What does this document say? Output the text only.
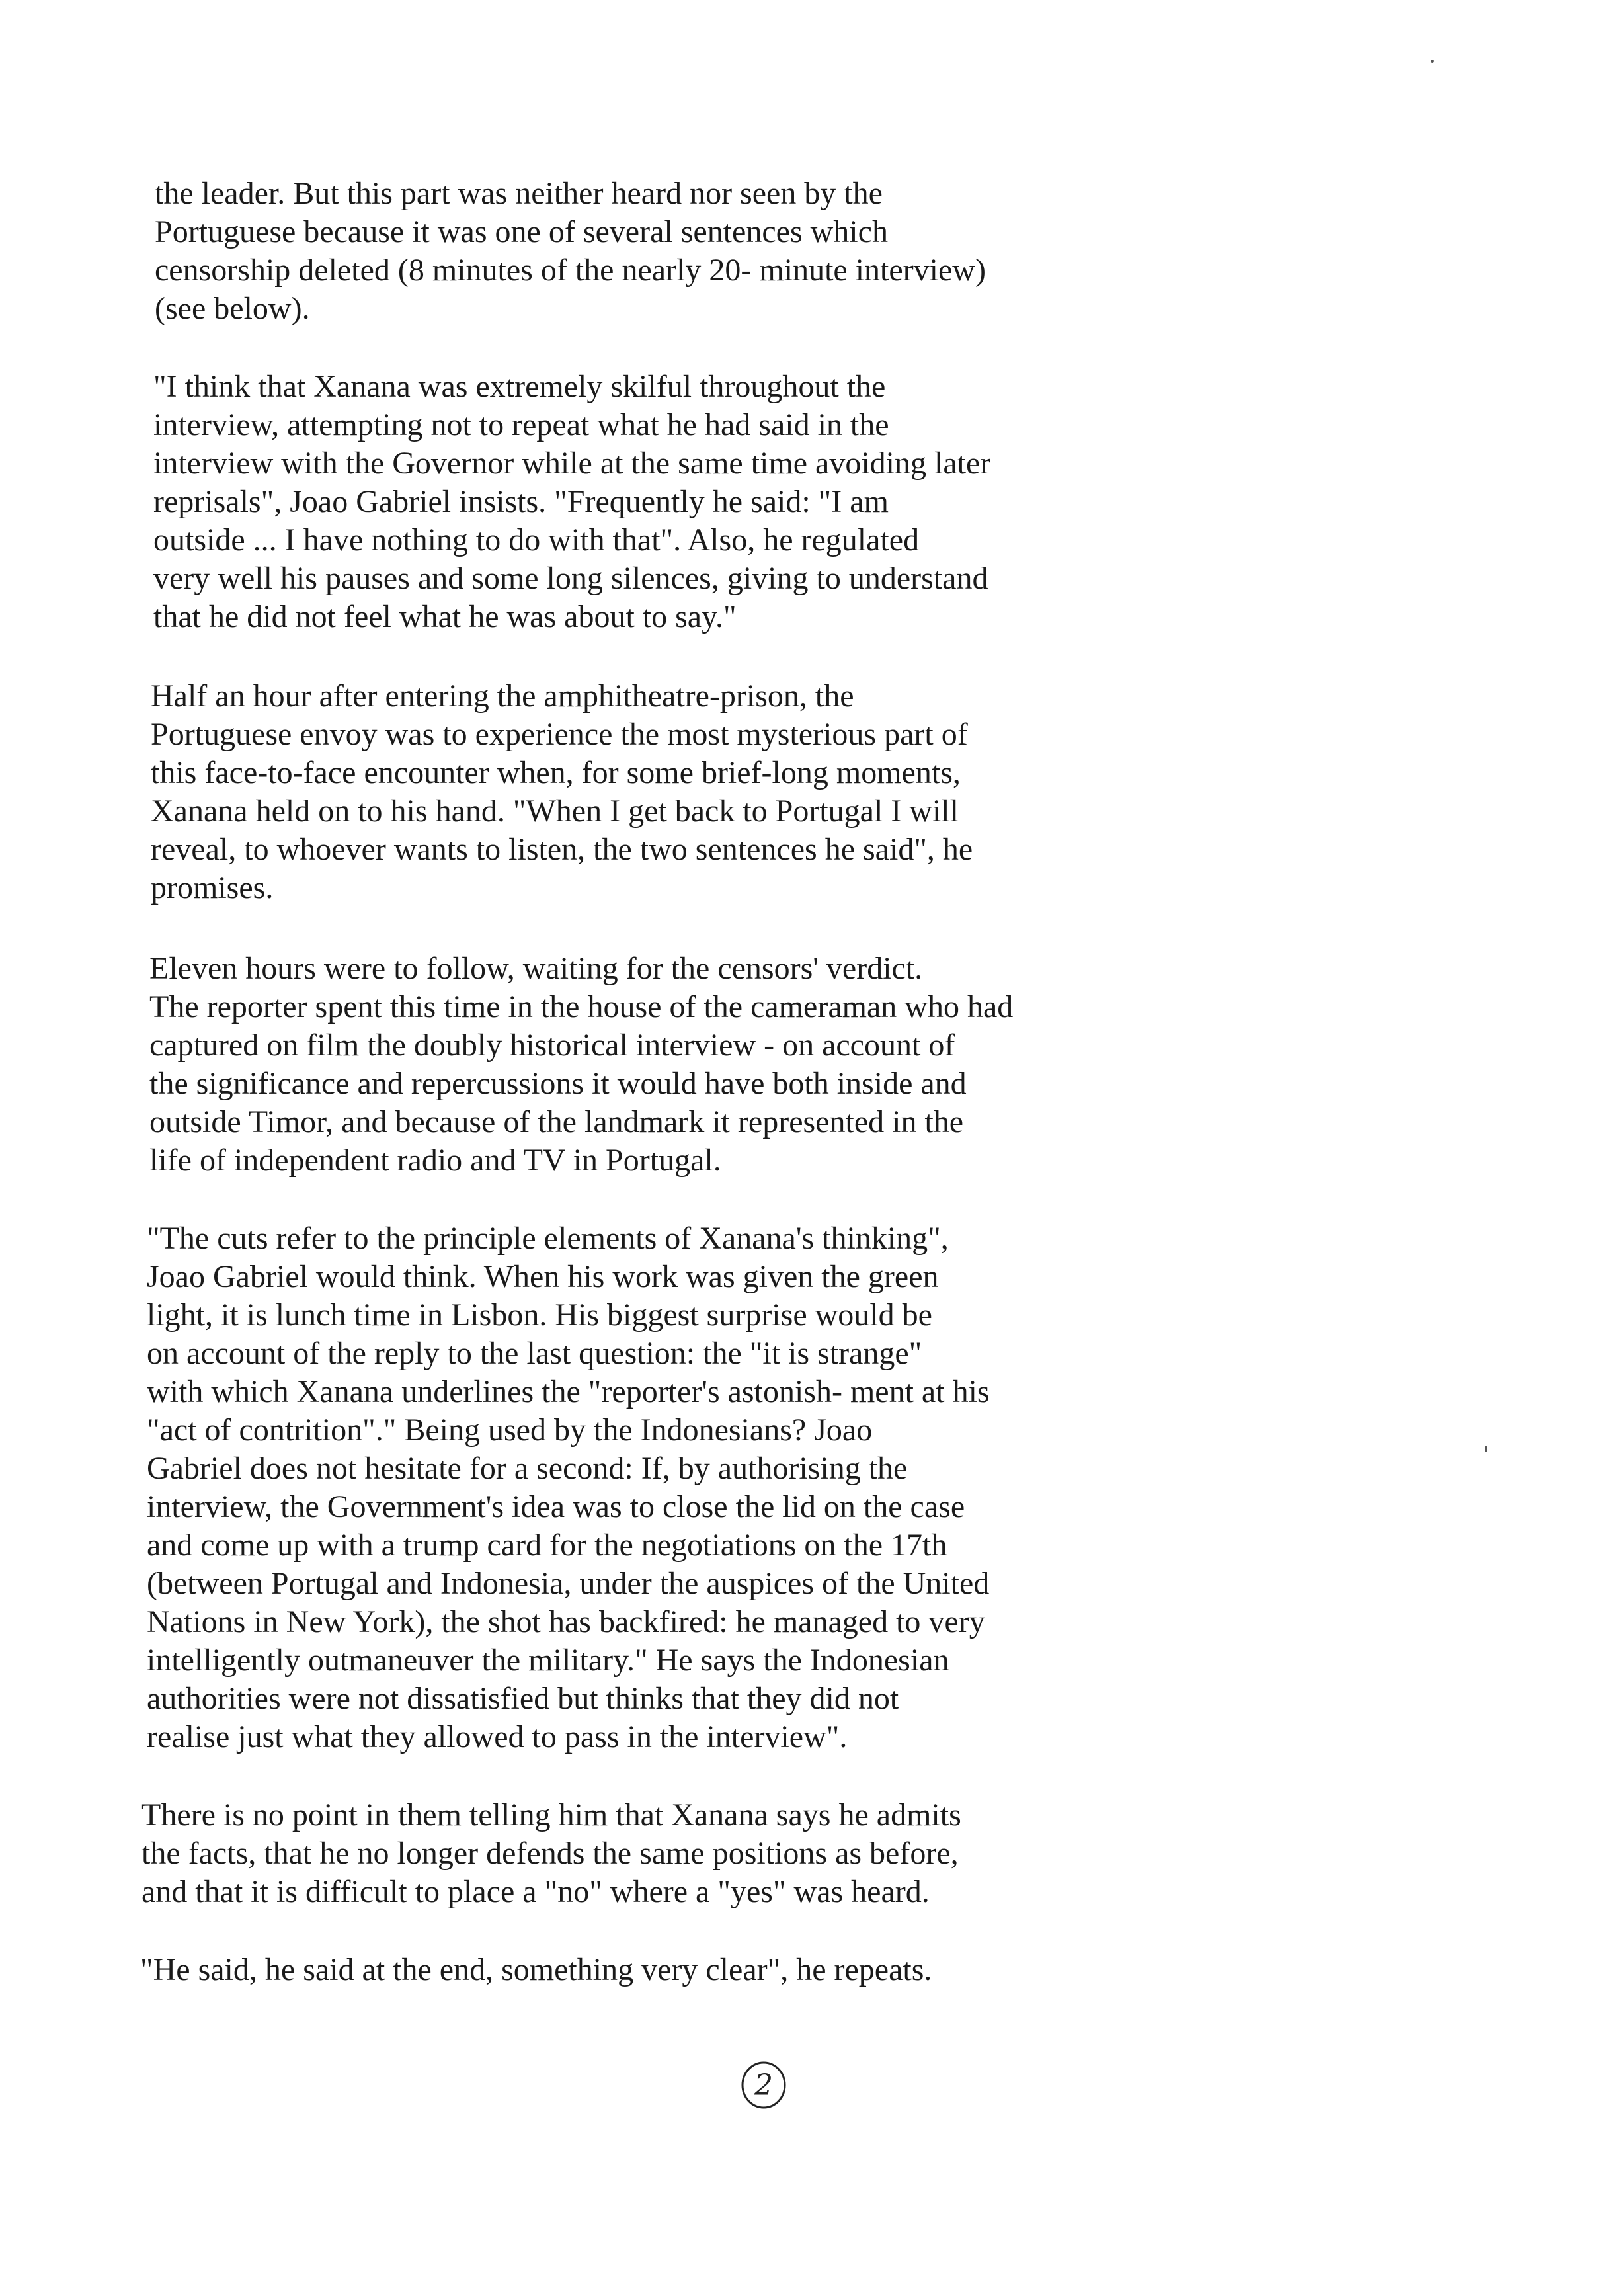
the leader. But this part was neither heard nor seen by the
Portuguese because it was one of several sentences which
censorship deleted (8 minutes of the nearly 20- minute interview)
(see below).
"I think that Xanana was extremely skilful throughout the
interview, attempting not to repeat what he had said in the
interview with the Governor while at the same time avoiding later
reprisals", Joao Gabriel insists. "Frequently he said: "I am
outside ... I have nothing to do with that". Also, he regulated
very well his pauses and some long silences, giving to understand
that he did not feel what he was about to say."
Half an hour after entering the amphitheatre-prison, the
Portuguese envoy was to experience the most mysterious part of
this face-to-face encounter when, for some brief-long moments,
Xanana held on to his hand. "When I get back to Portugal I will
reveal, to whoever wants to listen, the two sentences he said", he
promises.
Eleven hours were to follow, waiting for the censors' verdict.
The reporter spent this time in the house of the cameraman who had
captured on film the doubly historical interview - on account of
the significance and repercussions it would have both inside and
outside Timor, and because of the landmark it represented in the
life of independent radio and TV in Portugal.
"The cuts refer to the principle elements of Xanana's thinking",
Joao Gabriel would think. When his work was given the green
light, it is lunch time in Lisbon. His biggest surprise would be
on account of the reply to the last question: the "it is strange"
with which Xanana underlines the "reporter's astonish- ment at his
"act of contrition"." Being used by the Indonesians? Joao
Gabriel does not hesitate for a second: If, by authorising the
interview, the Government's idea was to close the lid on the case
and come up with a trump card for the negotiations on the 17th
(between Portugal and Indonesia, under the auspices of the United
Nations in New York), the shot has backfired: he managed to very
intelligently outmaneuver the military." He says the Indonesian
authorities were not dissatisfied but thinks that they did not
realise just what they allowed to pass in the interview".
There is no point in them telling him that Xanana says he admits
the facts, that he no longer defends the same positions as before,
and that it is difficult to place a "no" where a "yes" was heard.
"He said, he said at the end, something very clear", he repeats.
2
